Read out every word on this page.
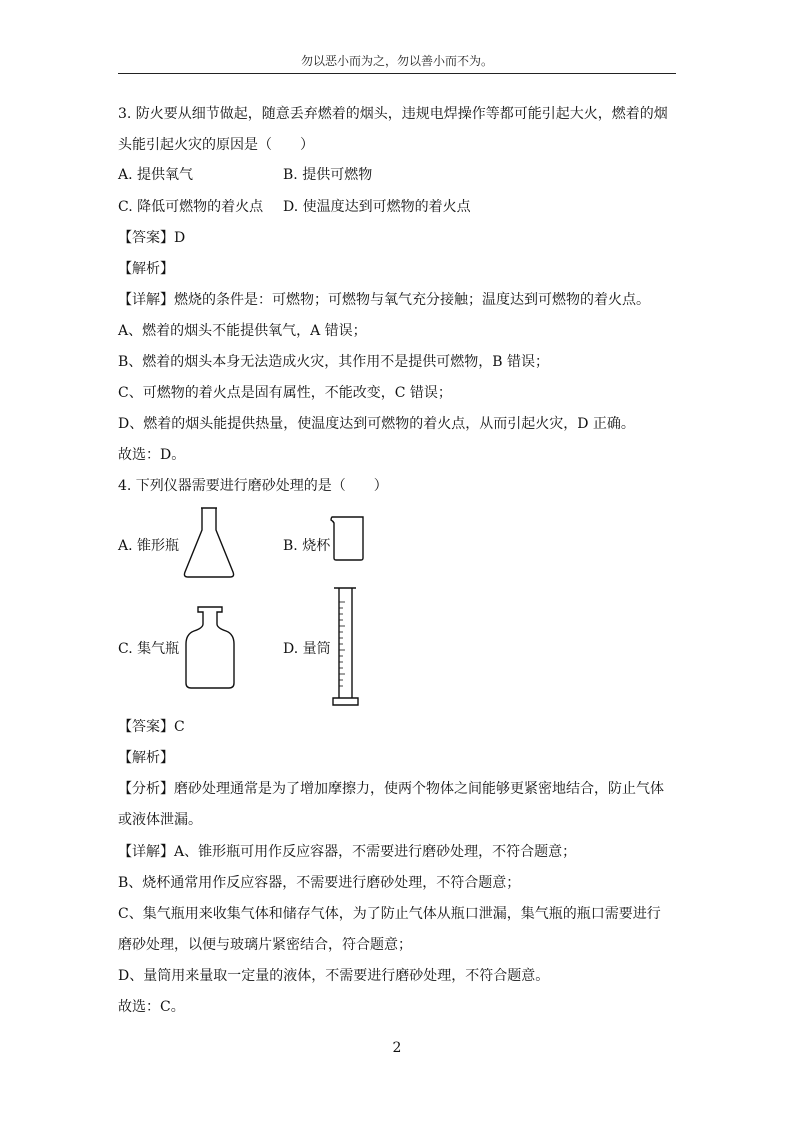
勿以恶小而为之，勿以善小而不为。
3. 防火要从细节做起，随意丢弃燃着的烟头，违规电焊操作等都可能引起大火，燃着的烟
头能引起火灾的原因是（　　）
A. 提供氧气	B. 提供可燃物
C. 降低可燃物的着火点 D. 使温度达到可燃物的着火点
【答案】D
【解析】
【详解】燃烧的条件是：可燃物；可燃物与氧气充分接触；温度达到可燃物的着火点。
A、燃着的烟头不能提供氧气，A 错误；
B、燃着的烟头本身无法造成火灾，其作用不是提供可燃物，B 错误；
C、可燃物的着火点是固有属性，不能改变，C 错误；
D、燃着的烟头能提供热量，使温度达到可燃物的着火点，从而引起火灾，D 正确。
故选：D。
4. 下列仪器需要进行磨砂处理的是（　　）
A. 锥形瓶	B. 烧杯
C. 集气瓶	D. 量筒
【答案】C
【解析】
【分析】磨砂处理通常是为了增加摩擦力，使两个物体之间能够更紧密地结合，防止气体
或液体泄漏。
【详解】A、锥形瓶可用作反应容器，不需要进行磨砂处理，不符合题意；
B、烧杯通常用作反应容器，不需要进行磨砂处理，不符合题意；
C、集气瓶用来收集气体和储存气体，为了防止气体从瓶口泄漏，集气瓶的瓶口需要进行
磨砂处理，以便与玻璃片紧密结合，符合题意；
D、量筒用来量取一定量的液体，不需要进行磨砂处理，不符合题意。
故选：C。
2
